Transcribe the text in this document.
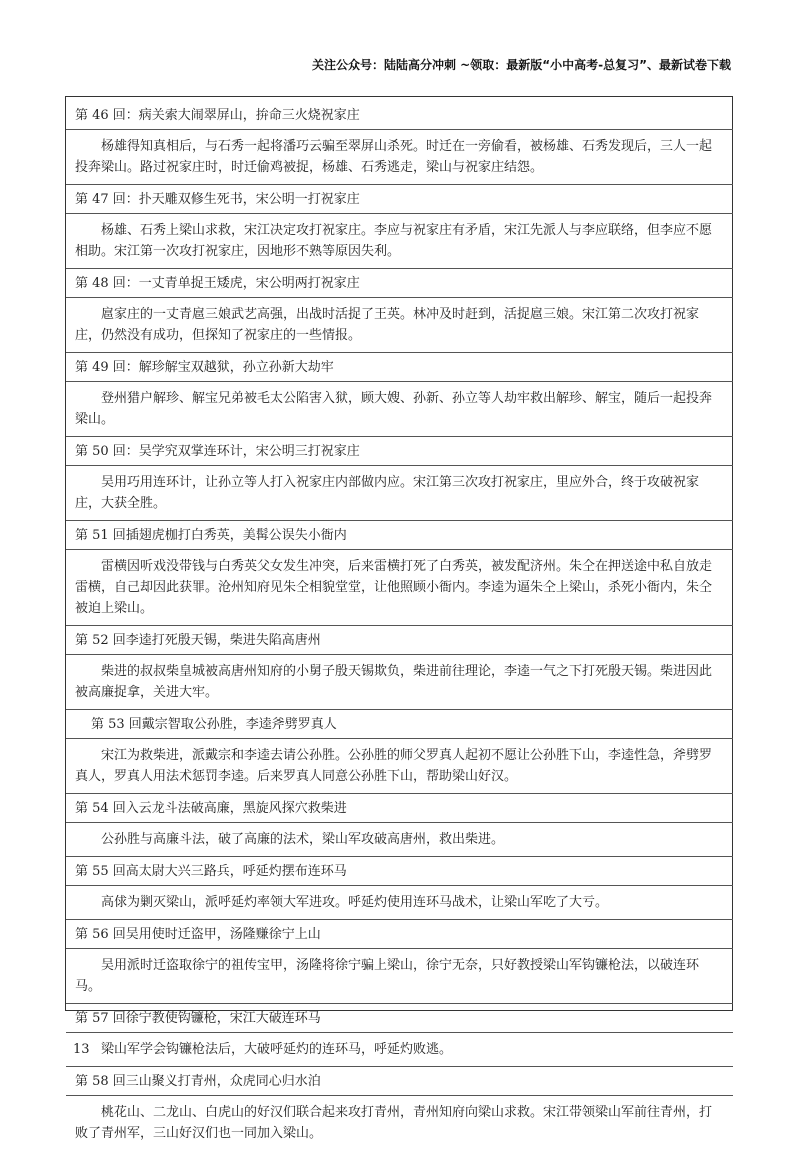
关注公众号：陆陆高分冲刺 ~领取：最新版“小中高考-总复习”、最新试卷下载
第 46 回：病关索大闹翠屏山，拚命三火烧祝家庄
杨雄得知真相后，与石秀一起将潘巧云骗至翠屏山杀死。时迁在一旁偷看，被杨雄、石秀发现后，三人一起投奔梁山。路过祝家庄时，时迁偷鸡被捉，杨雄、石秀逃走，梁山与祝家庄结怨。
第 47 回：扑天雕双修生死书，宋公明一打祝家庄
杨雄、石秀上梁山求救，宋江决定攻打祝家庄。李应与祝家庄有矛盾，宋江先派人与李应联络，但李应不愿相助。宋江第一次攻打祝家庄，因地形不熟等原因失利。
第 48 回：一丈青单捉王矮虎，宋公明两打祝家庄
扈家庄的一丈青扈三娘武艺高强，出战时活捉了王英。林冲及时赶到，活捉扈三娘。宋江第二次攻打祝家庄，仍然没有成功，但探知了祝家庄的一些情报。
第 49 回：解珍解宝双越狱，孙立孙新大劫牢
登州猎户解珍、解宝兄弟被毛太公陷害入狱，顾大嫂、孙新、孙立等人劫牢救出解珍、解宝，随后一起投奔梁山。
第 50 回：吴学究双掌连环计，宋公明三打祝家庄
吴用巧用连环计，让孙立等人打入祝家庄内部做内应。宋江第三次攻打祝家庄，里应外合，终于攻破祝家庄，大获全胜。
第 51 回插翅虎枷打白秀英，美髯公误失小衙内
雷横因听戏没带钱与白秀英父女发生冲突，后来雷横打死了白秀英，被发配济州。朱仝在押送途中私自放走雷横，自己却因此获罪。沧州知府见朱仝相貌堂堂，让他照顾小衙内。李逵为逼朱仝上梁山，杀死小衙内，朱仝被迫上梁山。
第 52 回李逵打死殷天锡，柴进失陷高唐州
柴进的叔叔柴皇城被高唐州知府的小舅子殷天锡欺负，柴进前往理论，李逵一气之下打死殷天锡。柴进因此被高廉捉拿，关进大牢。
第 53 回戴宗智取公孙胜，李逵斧劈罗真人
宋江为救柴进，派戴宗和李逵去请公孙胜。公孙胜的师父罗真人起初不愿让公孙胜下山，李逵性急，斧劈罗真人，罗真人用法术惩罚李逵。后来罗真人同意公孙胜下山，帮助梁山好汉。
第 54 回入云龙斗法破高廉，黑旋风探穴救柴进
公孙胜与高廉斗法，破了高廉的法术，梁山军攻破高唐州，救出柴进。
第 55 回高太尉大兴三路兵，呼延灼摆布连环马
高俅为剿灭梁山，派呼延灼率领大军进攻。呼延灼使用连环马战术，让梁山军吃了大亏。
第 56 回吴用使时迁盗甲，汤隆赚徐宁上山
吴用派时迁盗取徐宁的祖传宝甲，汤隆将徐宁骗上梁山，徐宁无奈，只好教授梁山军钩镰枪法，以破连环马。
第 57 回徐宁教使钩镰枪，宋江大破连环马
梁山军学会钩镰枪法后，大破呼延灼的连环马，呼延灼败逃。
第 58 回三山聚义打青州，众虎同心归水泊
桃花山、二龙山、白虎山的好汉们联合起来攻打青州，青州知府向梁山求救。宋江带领梁山军前往青州，打败了青州军，三山好汉们也一同加入梁山。
13
